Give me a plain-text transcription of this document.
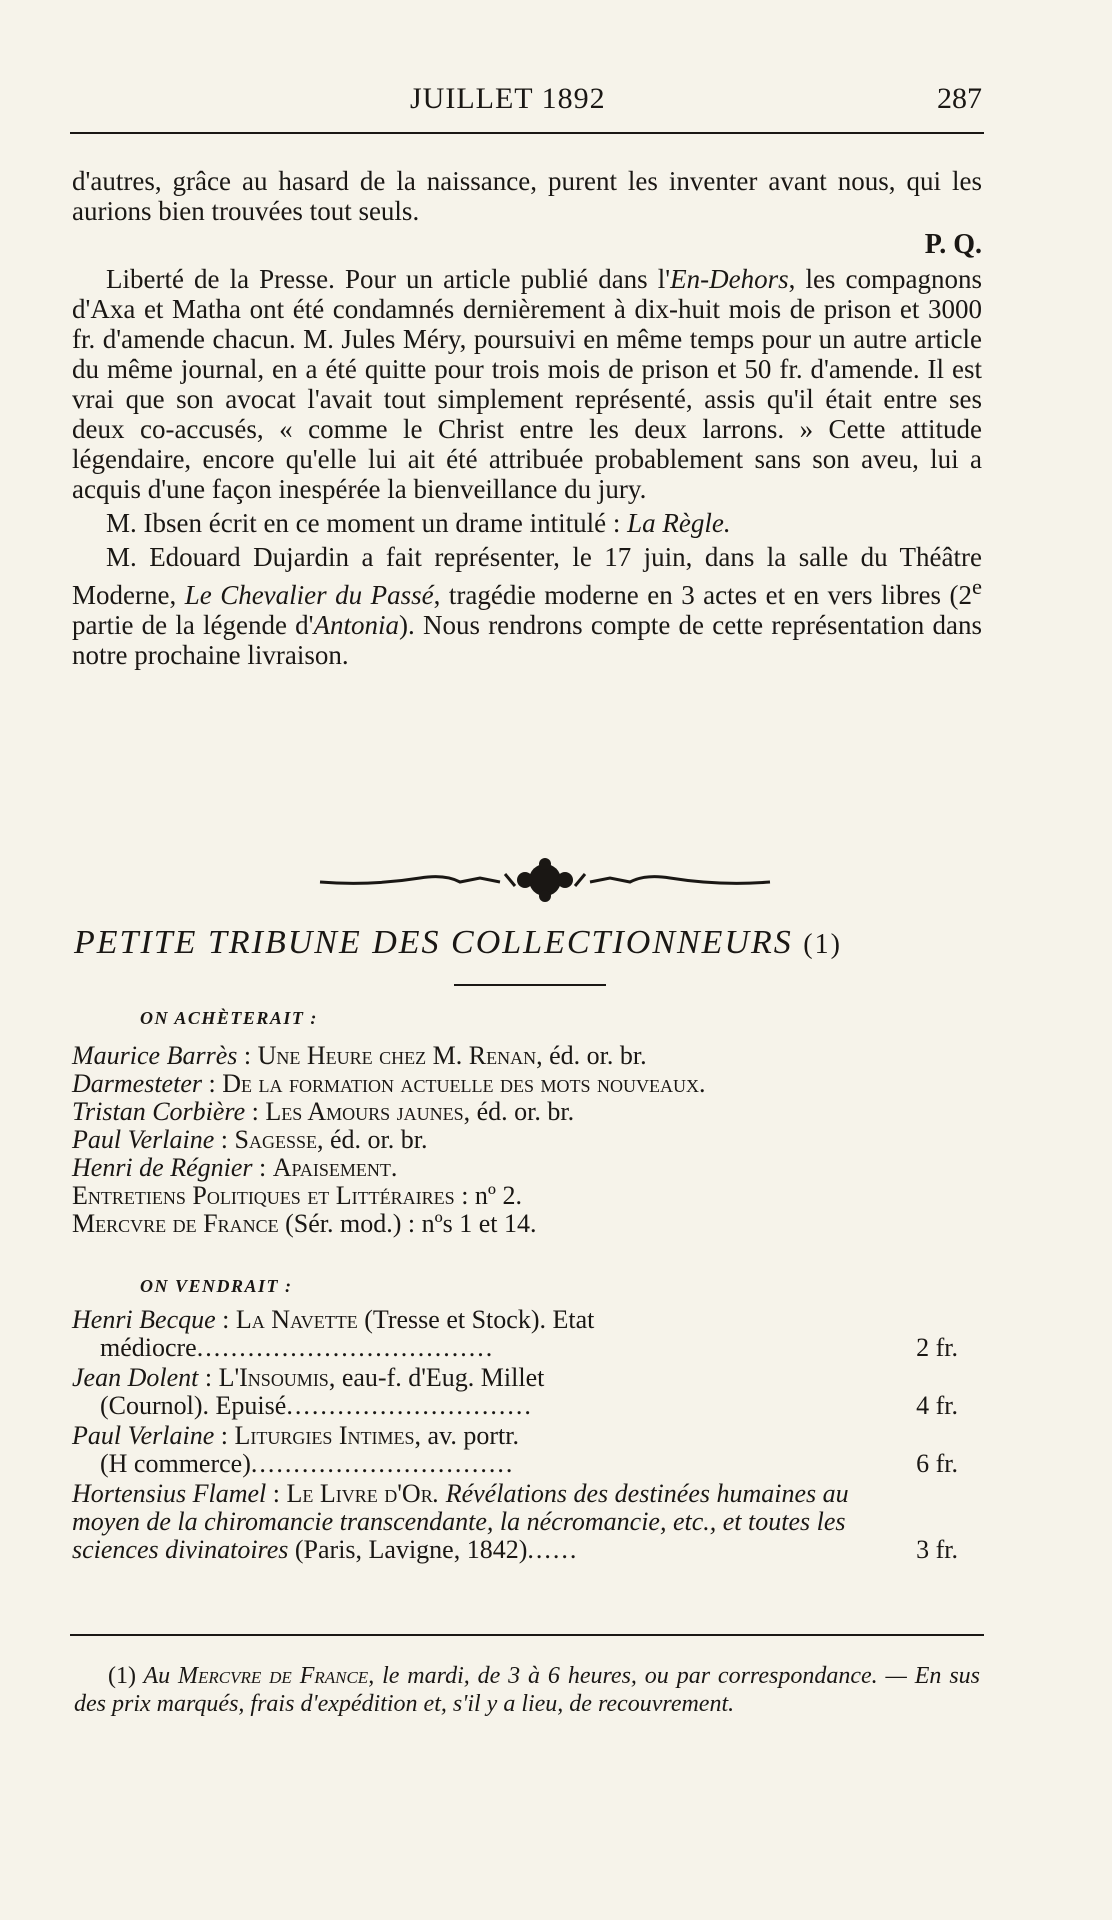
JUILLET 1892	287

d'autres, grâce au hasard de la naissance, purent les inventer avant nous, qui les aurions bien trouvées tout seuls.

P. Q.

Liberté de la Presse. Pour un article publié dans l'En-Dehors, les compagnons d'Axa et Matha ont été condamnés dernièrement à dix-huit mois de prison et 3000 fr. d'amende chacun. M. Jules Méry, poursuivi en même temps pour un autre article du même journal, en a été quitte pour trois mois de prison et 50 fr. d'amende. Il est vrai que son avocat l'avait tout simplement représenté, assis qu'il était entre ses deux co-accusés, « comme le Christ entre les deux larrons. » Cette attitude légendaire, encore qu'elle lui ait été attribuée probablement sans son aveu, lui a acquis d'une façon inespérée la bienveillance du jury.

M. Ibsen écrit en ce moment un drame intitulé : La Règle.

M. Edouard Dujardin a fait représenter, le 17 juin, dans la salle du Théâtre Moderne, Le Chevalier du Passé, tragédie moderne en 3 actes et en vers libres (2e partie de la légende d'Antonia). Nous rendrons compte de cette représentation dans notre prochaine livraison.

PETITE TRIBUNE DES COLLECTIONNEURS (1)
ON ACHÈTERAIT :
Maurice Barrès : Une Heure chez M. Renan, éd. or. br.
Darmesteter : De la formation actuelle des mots nouveaux.
Tristan Corbière : Les Amours jaunes, éd. or. br.
Paul Verlaine : Sagesse, éd. or. br.
Henri de Régnier : Apaisement.
Entretiens Politiques et Littéraires : nº 2.
Mercvre de France (Sér. mod.) : nºs 1 et 14.
ON VENDRAIT :
Henri Becque : La Navette (Tresse et Stock). Etat
médiocre...................................	2 fr.
Jean Dolent : L'Insoumis, eau-f. d'Eug. Millet
(Cournol). Epuisé.............................	4 fr.
Paul Verlaine : Liturgies Intimes, av. portr.
(H commerce)...............................	6 fr.
Hortensius Flamel : Le Livre d'Or. Révélations des destinées humaines au moyen de la chiromancie transcendante, la nécromancie, etc., et toutes les sciences divinatoires (Paris, Lavigne, 1842)......	3 fr.
(1) Au Mercvre de France, le mardi, de 3 à 6 heures, ou par correspondance. — En sus des prix marqués, frais d'expédition et, s'il y a lieu, de recouvrement.
